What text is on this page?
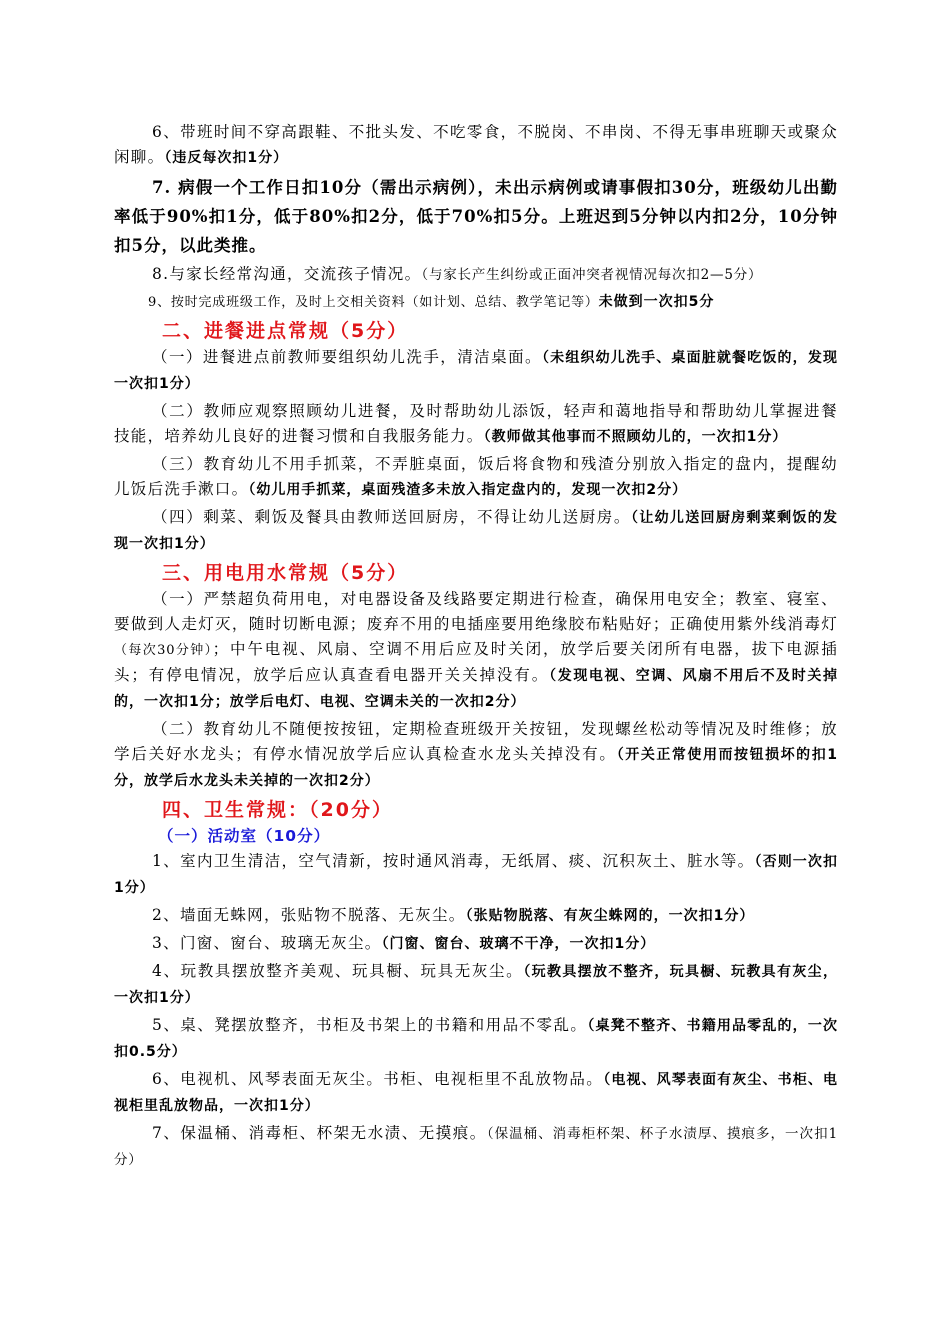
6、带班时间不穿高跟鞋、不批头发、不吃零食，不脱岗、不串岗、不得无事串班聊天或聚众闲聊。（违反每次扣1分）

7. 病假一个工作日扣10分（需出示病例），未出示病例或请事假扣30分，班级幼儿出勤率低于90%扣1分，低于80%扣2分，低于70%扣5分。上班迟到5分钟以内扣2分，10分钟扣5分，以此类推。

8.与家长经常沟通，交流孩子情况。（与家长产生纠纷或正面冲突者视情况每次扣2—5分）

9、按时完成班级工作，及时上交相关资料（如计划、总结、教学笔记等）未做到一次扣5分

二、进餐进点常规（5分）

（一）进餐进点前教师要组织幼儿洗手，清洁桌面。（未组织幼儿洗手、桌面脏就餐吃饭的，发现一次扣1分）

（二）教师应观察照顾幼儿进餐，及时帮助幼儿添饭，轻声和蔼地指导和帮助幼儿掌握进餐技能，培养幼儿良好的进餐习惯和自我服务能力。（教师做其他事而不照顾幼儿的，一次扣1分）

（三）教育幼儿不用手抓菜，不弄脏桌面，饭后将食物和残渣分别放入指定的盘内，提醒幼儿饭后洗手漱口。（幼儿用手抓菜，桌面残渣多未放入指定盘内的，发现一次扣2分）

（四）剩菜、剩饭及餐具由教师送回厨房，不得让幼儿送厨房。（让幼儿送回厨房剩菜剩饭的发现一次扣1分）

三、用电用水常规（5分）

（一）严禁超负荷用电，对电器设备及线路要定期进行检查，确保用电安全；教室、寝室、要做到人走灯灭，随时切断电源；废弃不用的电插座要用绝缘胶布粘贴好；正确使用紫外线消毒灯（每次30分钟）；中午电视、风扇、空调不用后应及时关闭，放学后要关闭所有电器，拔下电源插头；有停电情况，放学后应认真查看电器开关关掉没有。（发现电视、空调、风扇不用后不及时关掉的，一次扣1分；放学后电灯、电视、空调未关的一次扣2分）

（二）教育幼儿不随便按按钮，定期检查班级开关按钮，发现螺丝松动等情况及时维修；放学后关好水龙头；有停水情况放学后应认真检查水龙头关掉没有。（开关正常使用而按钮损坏的扣1分，放学后水龙头未关掉的一次扣2分）

四、卫生常规：（20分）
（一）活动室（10分）

1、室内卫生清洁，空气清新，按时通风消毒，无纸屑、痰、沉积灰土、脏水等。（否则一次扣1分）

2、墙面无蛛网，张贴物不脱落、无灰尘。（张贴物脱落、有灰尘蛛网的，一次扣1分）

3、门窗、窗台、玻璃无灰尘。（门窗、窗台、玻璃不干净，一次扣1分）

4、玩教具摆放整齐美观、玩具橱、玩具无灰尘。（玩教具摆放不整齐，玩具橱、玩教具有灰尘，一次扣1分）

5、桌、凳摆放整齐，书柜及书架上的书籍和用品不零乱。（桌凳不整齐、书籍用品零乱的，一次扣0.5分）

6、电视机、风琴表面无灰尘。书柜、电视柜里不乱放物品。（电视、风琴表面有灰尘、书柜、电视柜里乱放物品，一次扣1分）

7、保温桶、消毒柜、杯架无水渍、无摸痕。（保温桶、消毒柜杯架、杯子水渍厚、摸痕多，一次扣1分）
